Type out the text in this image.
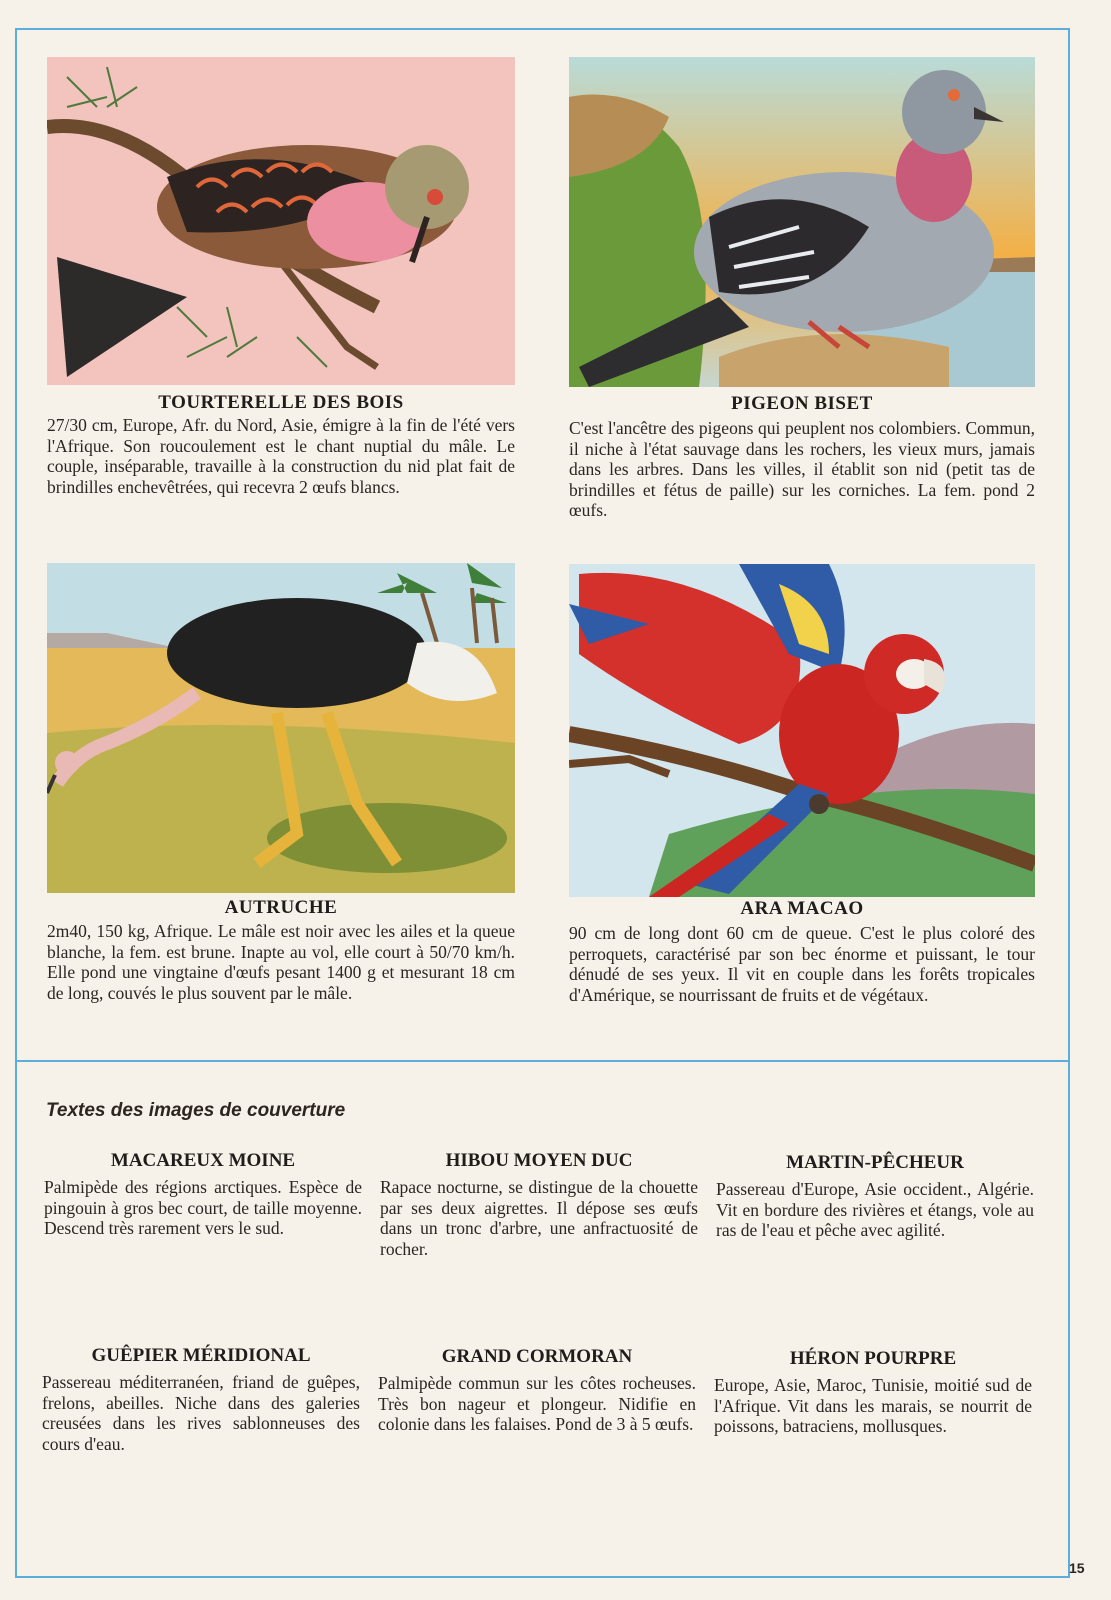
TOURTERELLE DES BOIS
27/30 cm, Europe, Afr. du Nord, Asie, émigre à la fin de l'été vers l'Afrique. Son roucoulement est le chant nuptial du mâle. Le couple, inséparable, travaille à la construction du nid plat fait de brindilles enchevêtrées, qui recevra 2 œufs blancs.
PIGEON BISET
C'est l'ancêtre des pigeons qui peuplent nos colombiers. Commun, il niche à l'état sauvage dans les rochers, les vieux murs, jamais dans les arbres. Dans les villes, il établit son nid (petit tas de brindilles et fétus de paille) sur les corniches. La fem. pond 2 œufs.
AUTRUCHE
2m40, 150 kg, Afrique. Le mâle est noir avec les ailes et la queue blanche, la fem. est brune. Inapte au vol, elle court à 50/70 km/h. Elle pond une vingtaine d'œufs pesant 1400 g et mesurant 18 cm de long, couvés le plus souvent par le mâle.
ARA MACAO
90 cm de long dont 60 cm de queue. C'est le plus coloré des perroquets, caractérisé par son bec énorme et puissant, le tour dénudé de ses yeux. Il vit en couple dans les forêts tropicales d'Amérique, se nourrissant de fruits et de végétaux.
Textes des images de couverture
MACAREUX MOINE
Palmipède des régions arctiques. Espèce de pingouin à gros bec court, de taille moyenne. Descend très rarement vers le sud.
HIBOU MOYEN DUC
Rapace nocturne, se distingue de la chouette par ses deux aigrettes. Il dépose ses œufs dans un tronc d'arbre, une anfractuosité de rocher.
MARTIN-PÊCHEUR
Passereau d'Europe, Asie occident., Algérie. Vit en bordure des rivières et étangs, vole au ras de l'eau et pêche avec agilité.
GUÊPIER MÉRIDIONAL
Passereau méditerranéen, friand de guêpes, frelons, abeilles. Niche dans des galeries creusées dans les rives sablonneuses des cours d'eau.
GRAND CORMORAN
Palmipède commun sur les côtes rocheuses. Très bon nageur et plongeur. Nidifie en colonie dans les falaises. Pond de 3 à 5 œufs.
HÉRON POURPRE
Europe, Asie, Maroc, Tunisie, moitié sud de l'Afrique. Vit dans les marais, se nourrit de poissons, batraciens, mollusques.
15
